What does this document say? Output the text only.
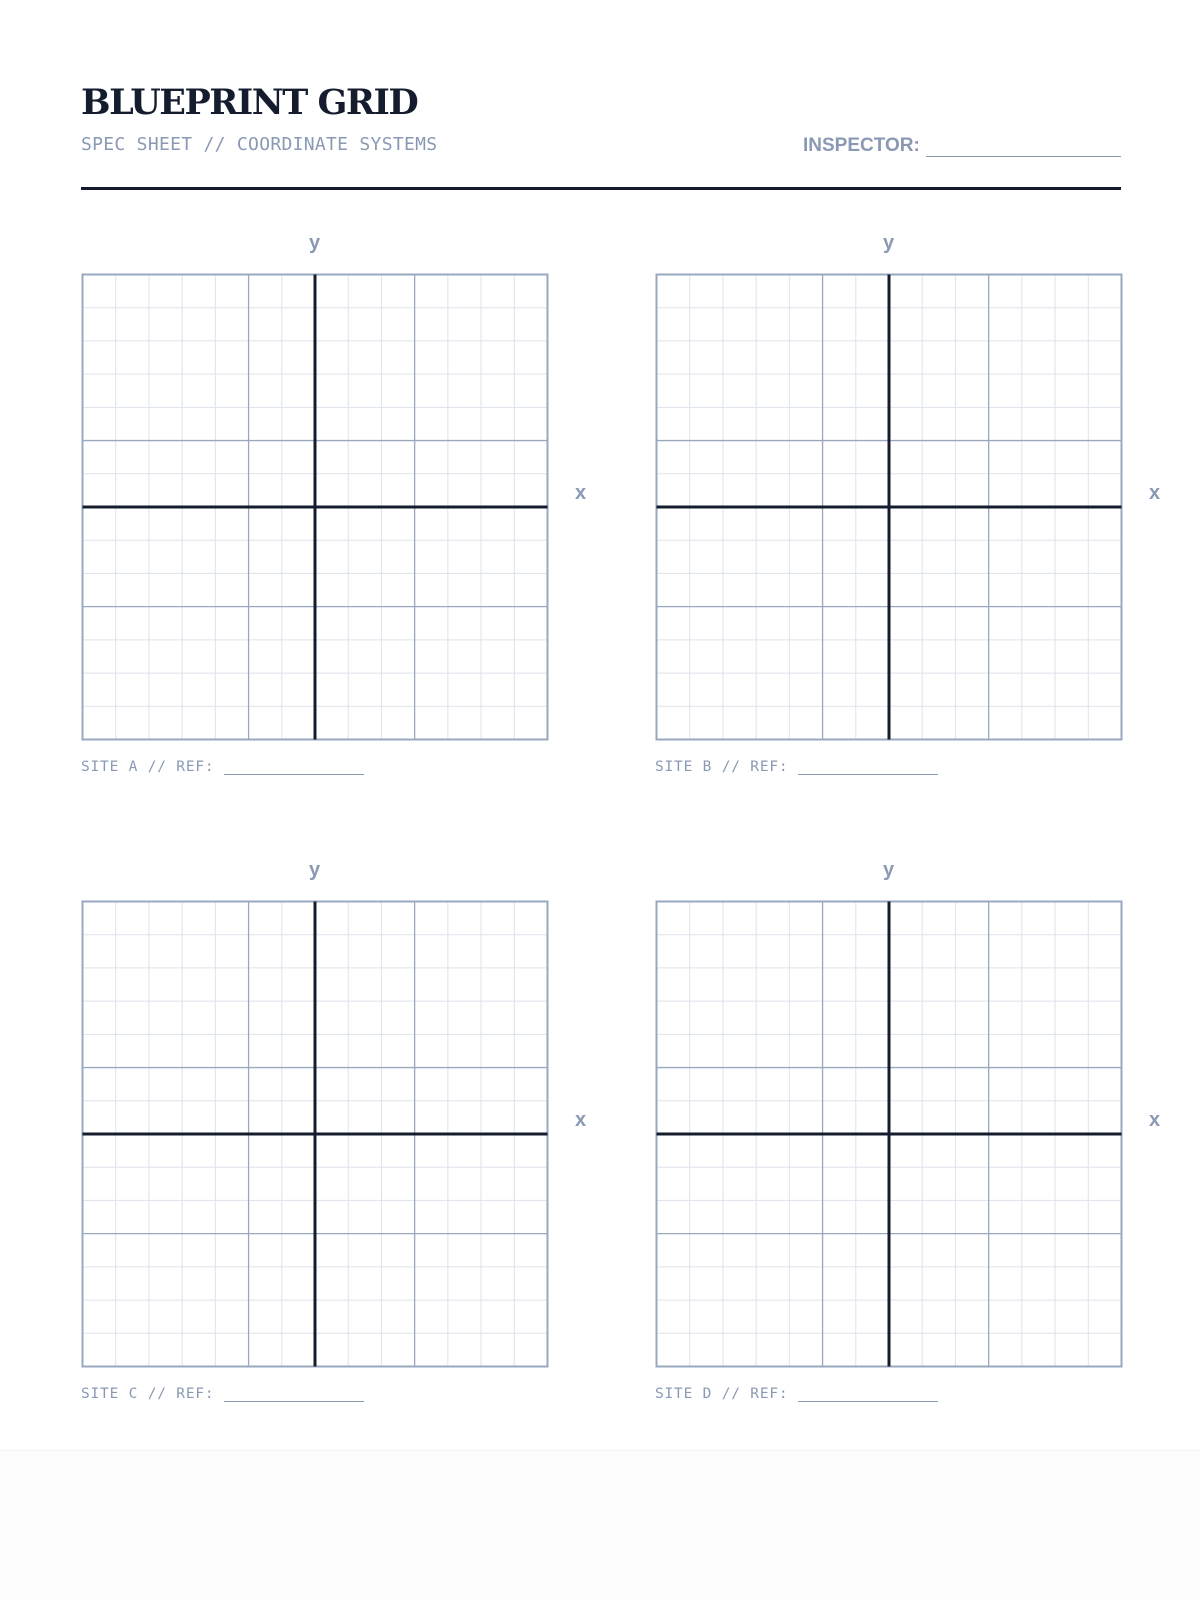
BLUEPRINT GRID
SPEC SHEET // COORDINATE SYSTEMS	INSPECTOR:
y
x
SITE A // REF:
y
x
SITE B // REF:
y
x
SITE C // REF:
y
x
SITE D // REF:
